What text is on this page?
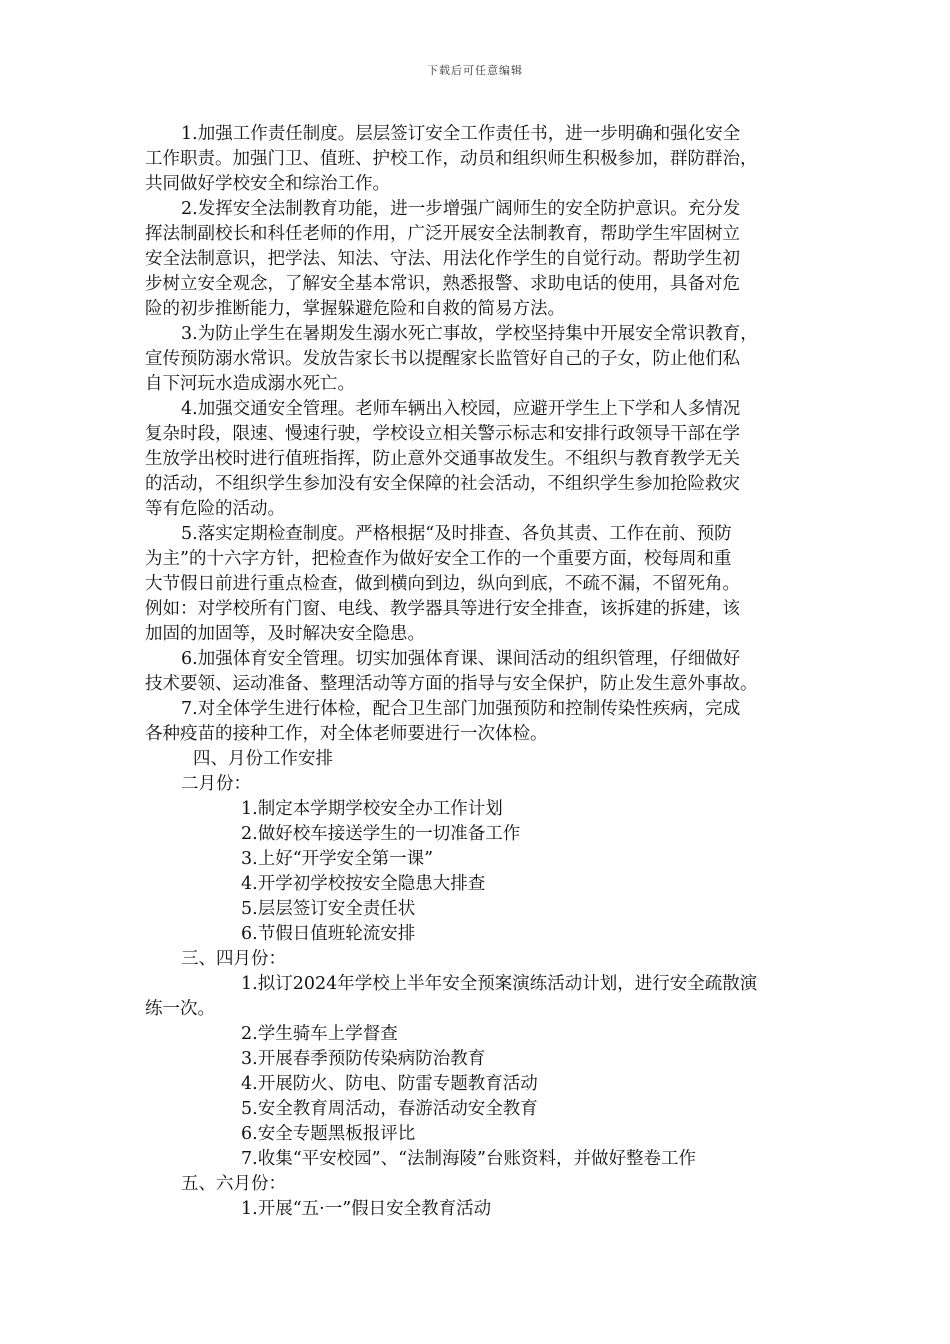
下载后可任意编辑
1.加强工作责任制度。层层签订安全工作责任书，进一步明确和强化安全
工作职责。加强门卫、值班、护校工作，动员和组织师生积极参加，群防群治，
共同做好学校安全和综治工作。
2.发挥安全法制教育功能，进一步增强广阔师生的安全防护意识。充分发
挥法制副校长和科任老师的作用，广泛开展安全法制教育，帮助学生牢固树立
安全法制意识，把学法、知法、守法、用法化作学生的自觉行动。帮助学生初
步树立安全观念，了解安全基本常识，熟悉报警、求助电话的使用，具备对危
险的初步推断能力，掌握躲避危险和自救的简易方法。
3.为防止学生在暑期发生溺水死亡事故，学校坚持集中开展安全常识教育，
宣传预防溺水常识。发放告家长书以提醒家长监管好自己的子女，防止他们私
自下河玩水造成溺水死亡。
4.加强交通安全管理。老师车辆出入校园，应避开学生上下学和人多情况
复杂时段，限速、慢速行驶，学校设立相关警示标志和安排行政领导干部在学
生放学出校时进行值班指挥，防止意外交通事故发生。不组织与教育教学无关
的活动，不组织学生参加没有安全保障的社会活动，不组织学生参加抢险救灾
等有危险的活动。
5.落实定期检查制度。严格根据“及时排查、各负其责、工作在前、预防
为主”的十六字方针，把检查作为做好安全工作的一个重要方面，校每周和重
大节假日前进行重点检查，做到横向到边，纵向到底，不疏不漏，不留死角。
例如：对学校所有门窗、电线、教学器具等进行安全排查，该拆建的拆建，该
加固的加固等，及时解决安全隐患。
6.加强体育安全管理。切实加强体育课、课间活动的组织管理，仔细做好
技术要领、运动准备、整理活动等方面的指导与安全保护，防止发生意外事故。
7.对全体学生进行体检，配合卫生部门加强预防和控制传染性疾病，完成
各种疫苗的接种工作，对全体老师要进行一次体检。
四、月份工作安排
二月份：
1.制定本学期学校安全办工作计划
2.做好校车接送学生的一切准备工作
3.上好“开学安全第一课”
4.开学初学校按安全隐患大排查
5.层层签订安全责任状
6.节假日值班轮流安排
三、四月份：
1.拟订2024年学校上半年安全预案演练活动计划，进行安全疏散演
练一次。
2.学生骑车上学督查
3.开展春季预防传染病防治教育
4.开展防火、防电、防雷专题教育活动
5.安全教育周活动，春游活动安全教育
6.安全专题黑板报评比
7.收集“平安校园”、“法制海陵”台账资料，并做好整卷工作
五、六月份：
1.开展“五·一”假日安全教育活动
